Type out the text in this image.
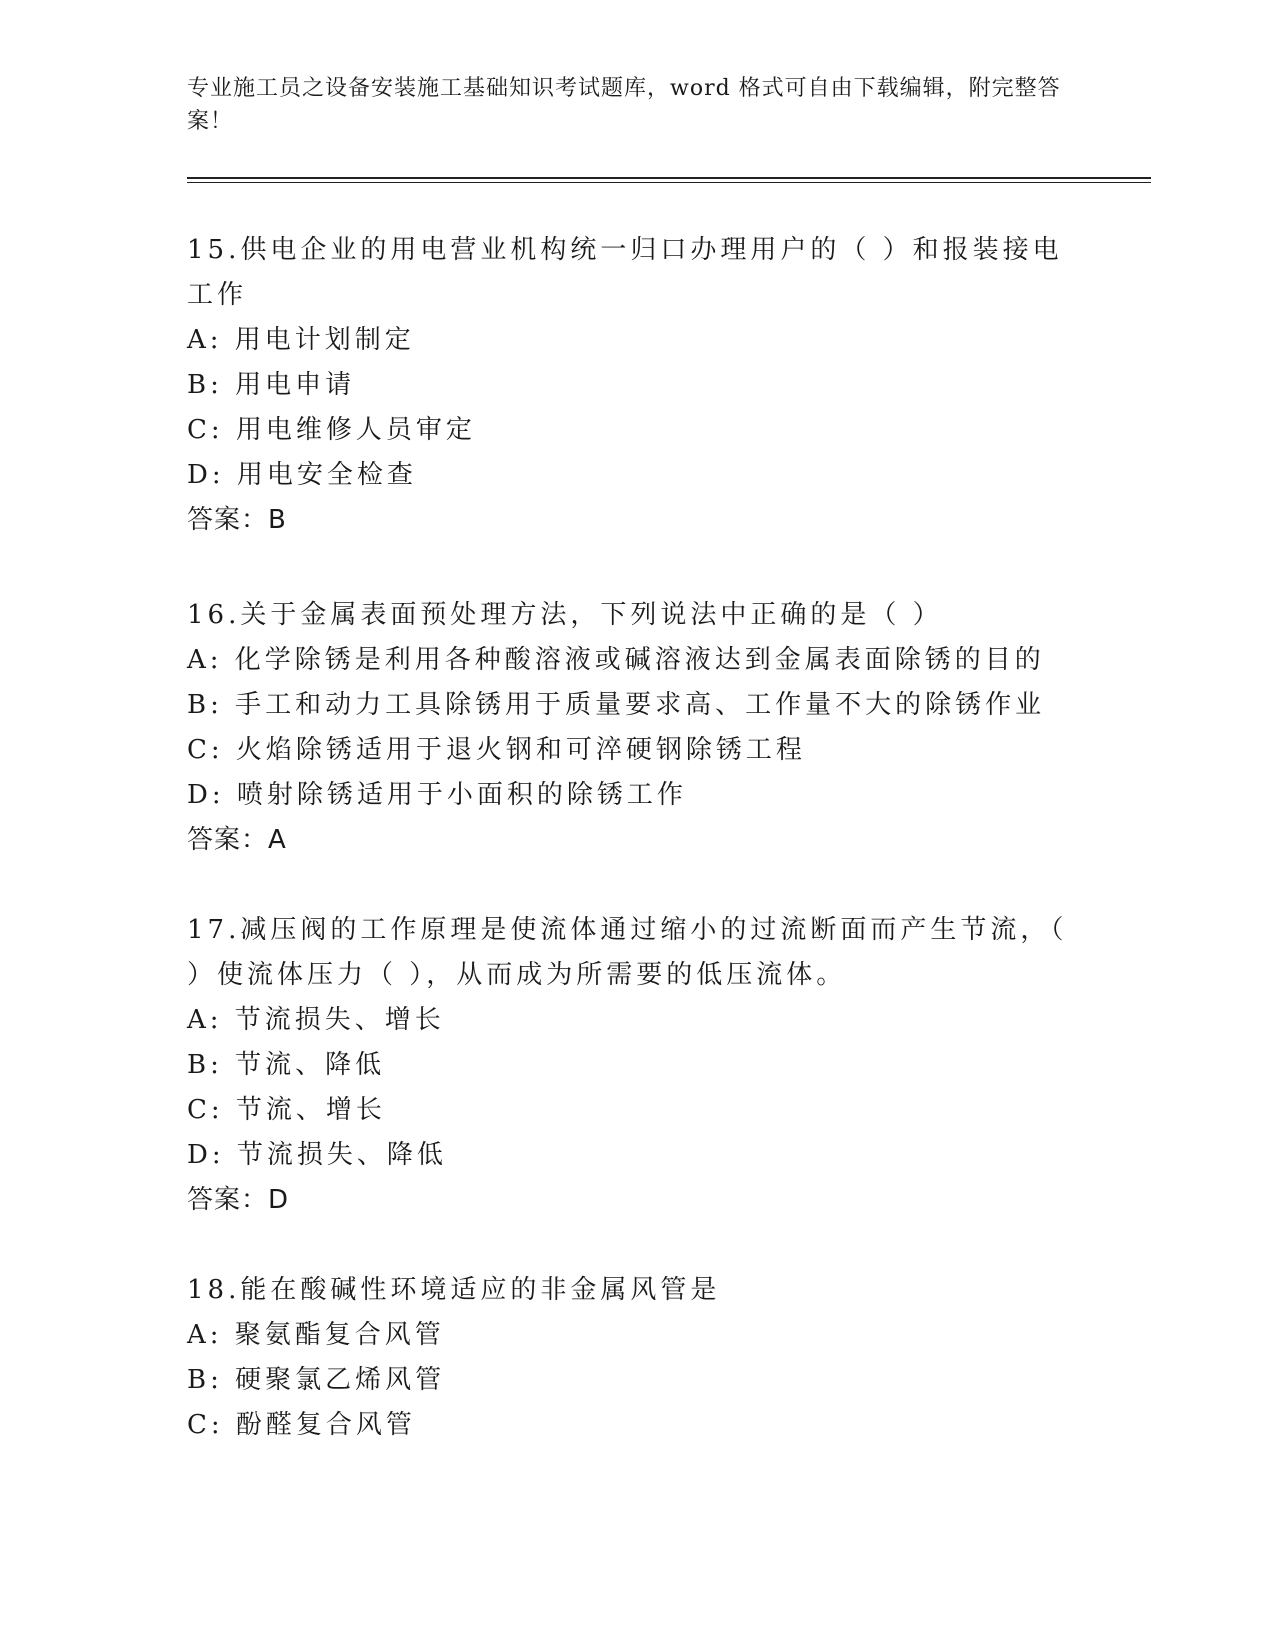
专业施工员之设备安装施工基础知识考试题库，word 格式可自由下载编辑，附完整答案！
15.供电企业的用电营业机构统一归口办理用户的（ ）和报装接电工作
A: 用电计划制定
B: 用电申请
C: 用电维修人员审定
D: 用电安全检查
答案：B
16.关于金属表面预处理方法，下列说法中正确的是（ ）
A: 化学除锈是利用各种酸溶液或碱溶液达到金属表面除锈的目的
B: 手工和动力工具除锈用于质量要求高、工作量不大的除锈作业
C: 火焰除锈适用于退火钢和可淬硬钢除锈工程
D: 喷射除锈适用于小面积的除锈工作
答案：A
17.减压阀的工作原理是使流体通过缩小的过流断面而产生节流，（ ）使流体压力（ ），从而成为所需要的低压流体。
A: 节流损失、增长
B: 节流、降低
C: 节流、增长
D: 节流损失、降低
答案：D
18.能在酸碱性环境适应的非金属风管是
A: 聚氨酯复合风管
B: 硬聚氯乙烯风管
C: 酚醛复合风管
